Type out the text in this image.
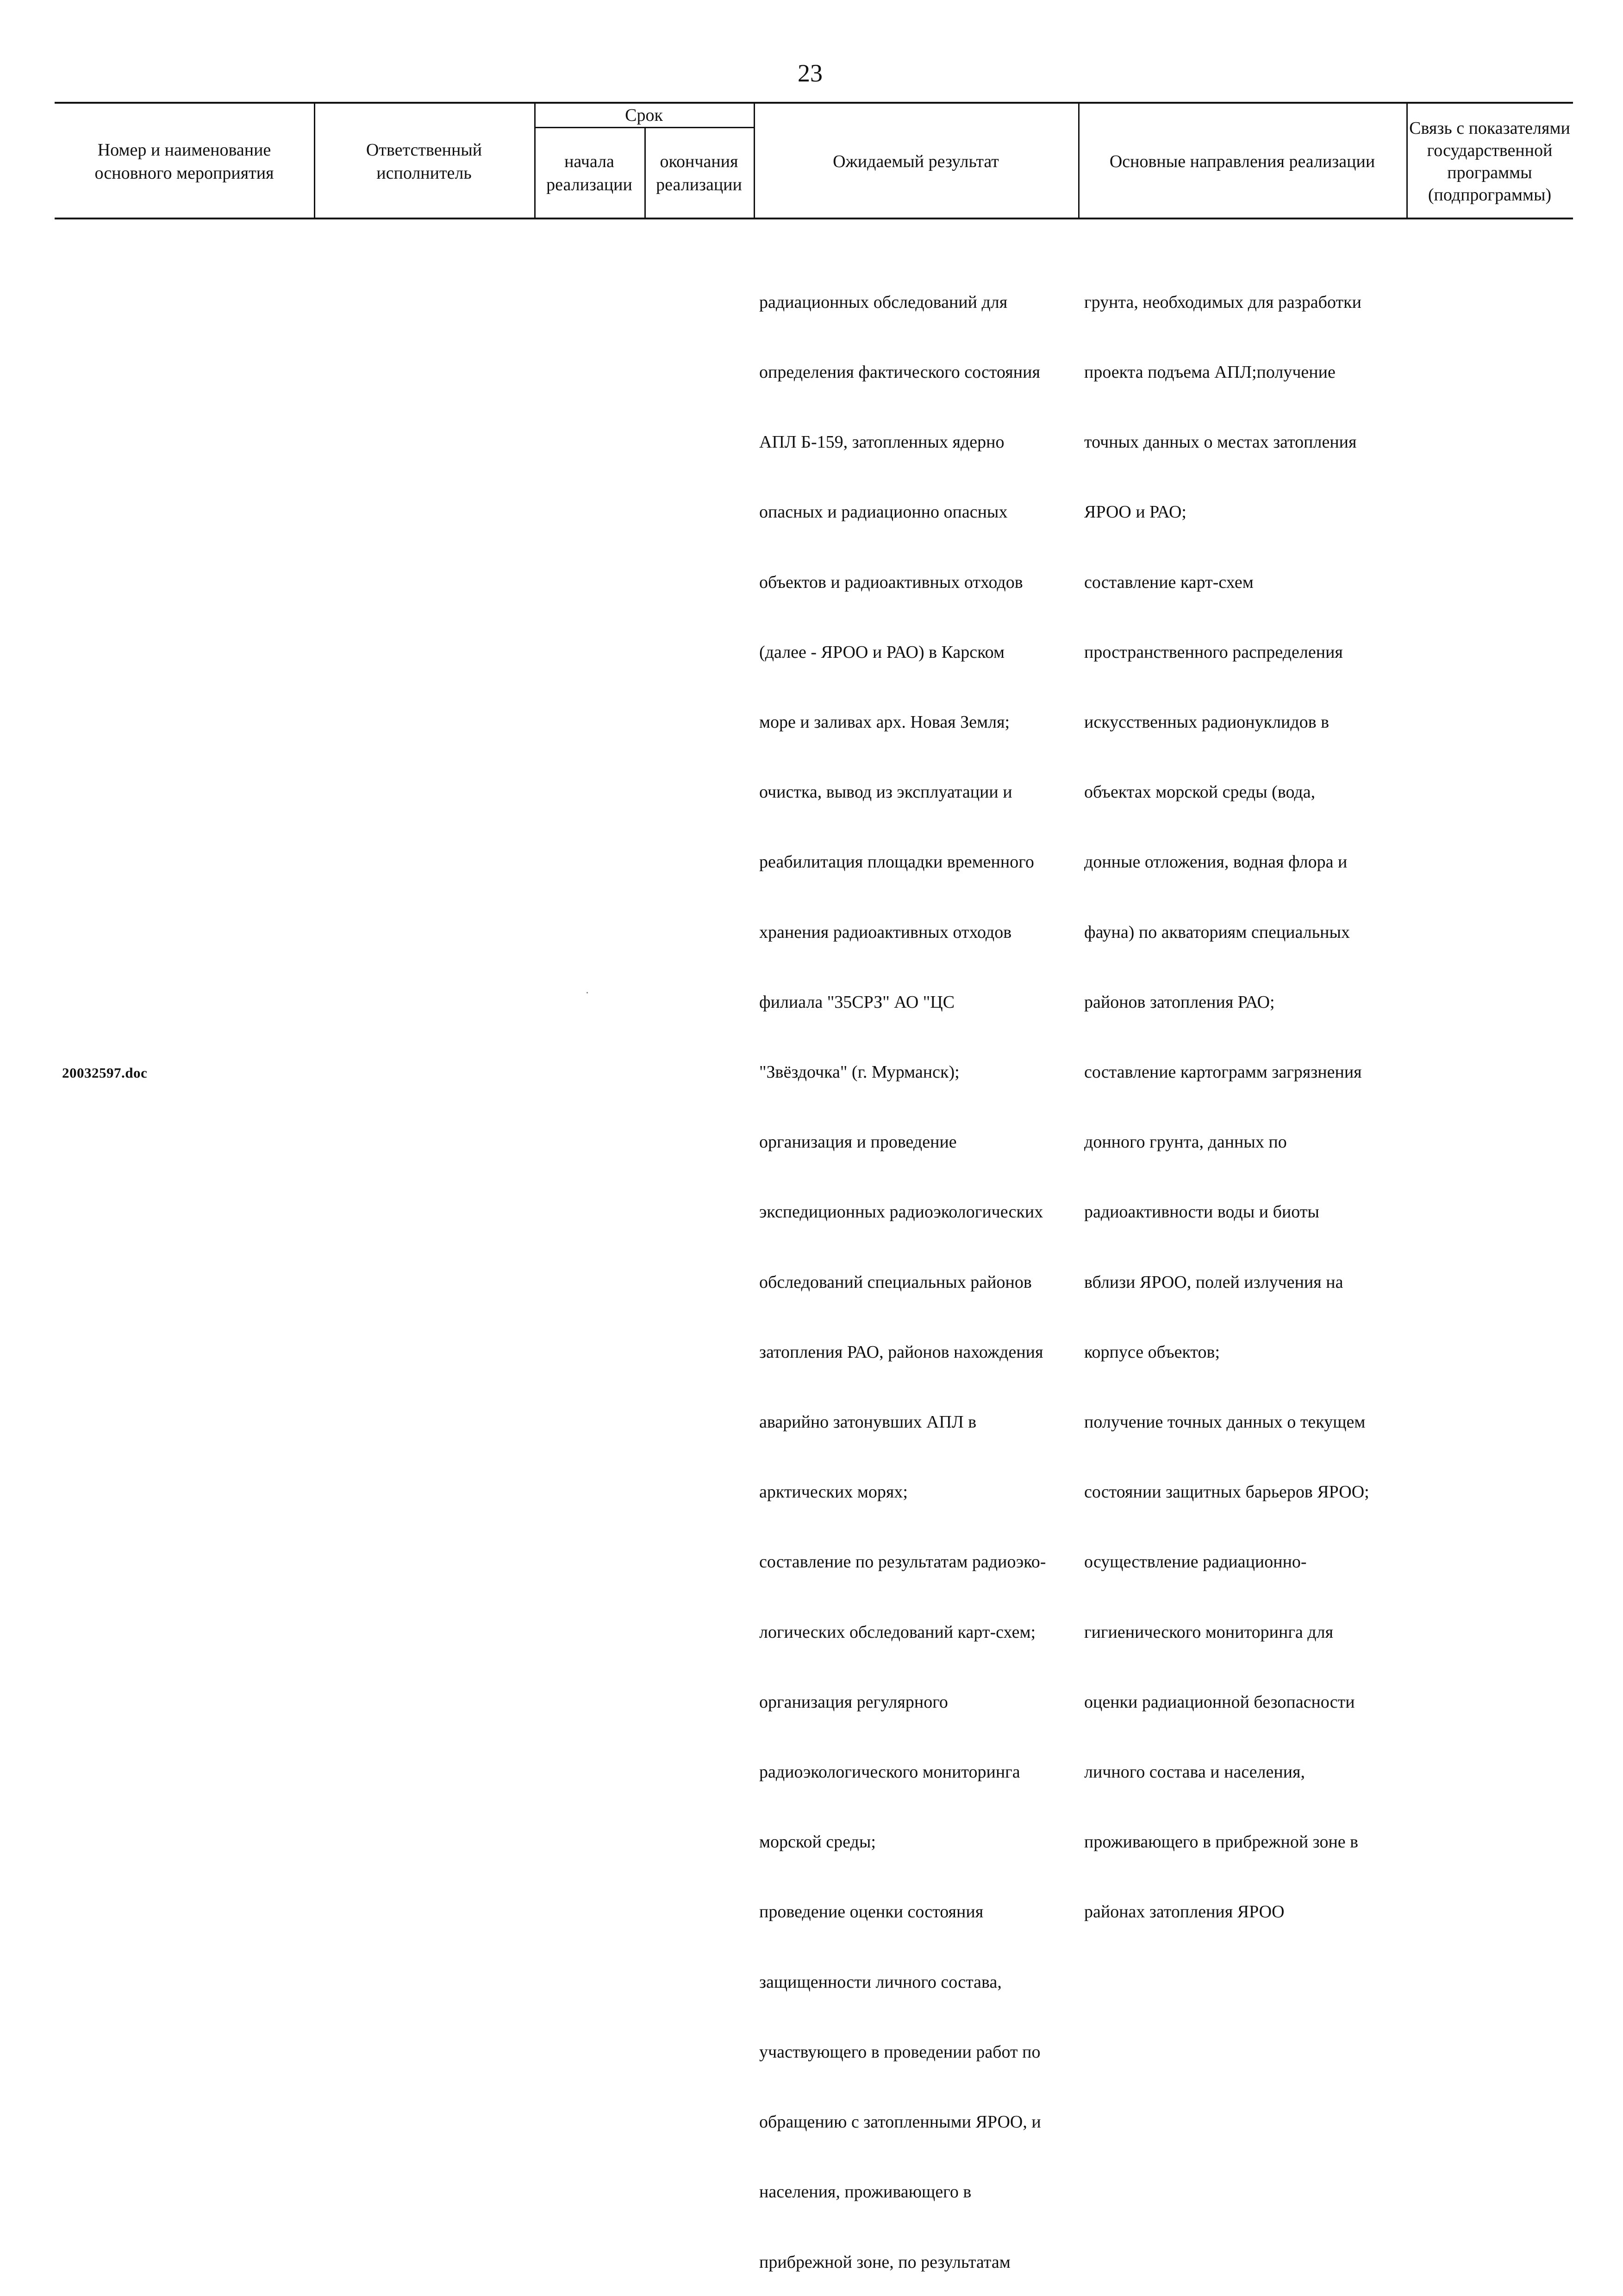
23
Номер и наименование основного мероприятия
Ответственный исполнитель
Срок
начала реализации
окончания реализации
Ожидаемый результат	Основные направления реализации
Связь с показателями государственной программы (подпрограммы)

радиационных обследований для

определения фактического состояния

АПЛ Б-159, затопленных ядерно

опасных и радиационно опасных

объектов и радиоактивных отходов

(далее - ЯРОО и РАО) в Карском

море и заливах арх. Новая Земля;

очистка, вывод из эксплуатации и

реабилитация площадки временного

хранения радиоактивных отходов

филиала "35СРЗ" АО "ЦС

"Звёздочка" (г. Мурманск);

организация и проведение

экспедиционных радиоэкологических

обследований специальных районов

затопления РАО, районов нахождения

аварийно затонувших АПЛ в

арктических морях;

составление по результатам радиоэко-

логических обследований карт-схем;

организация регулярного

радиоэкологического мониторинга

морской среды;

проведение оценки состояния

защищенности личного состава,

участвующего в проведении работ по

обращению с затопленными ЯРОО, и

населения, проживающего в

прибрежной зоне, по результатам

грунта, необходимых для разработки

проекта подъема АПЛ;получение

точных данных о местах затопления

ЯРОО и РАО;

составление карт-схем

пространственного распределения

искусственных радионуклидов в

объектах морской среды (вода,

донные отложения, водная флора и

фауна) по акваториям специальных

районов затопления РАО;

составление картограмм загрязнения

донного грунта, данных по

радиоактивности воды и биоты

вблизи ЯРОО, полей излучения на

корпусе объектов;

получение точных данных о текущем

состоянии защитных барьеров ЯРОО;

осуществление радиационно-

гигиенического мониторинга для

оценки радиационной безопасности

личного состава и населения,

проживающего в прибрежной зоне в

районах затопления ЯРОО

20032597.doc
